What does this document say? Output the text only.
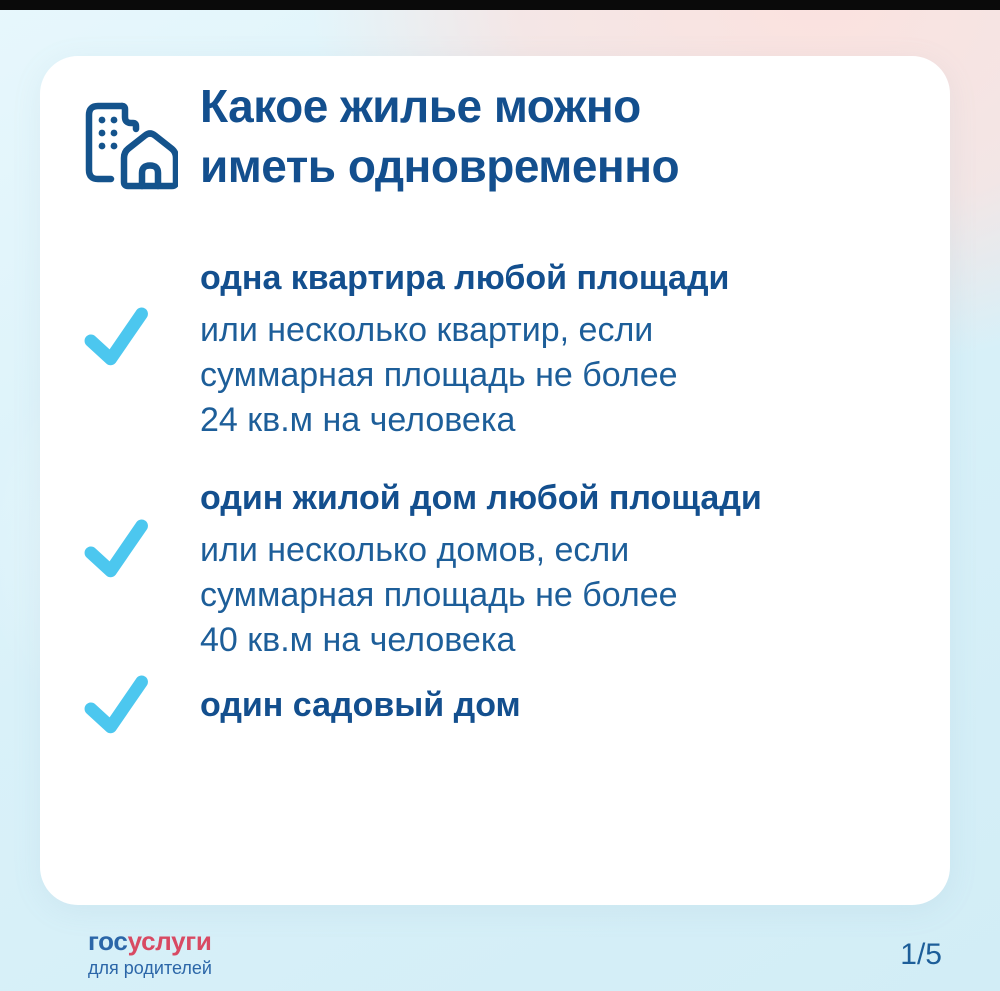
Какое жилье можно
иметь одновременно
одна квартира любой площади
или несколько квартир, если
суммарная площадь не более
24 кв.м на человека
один жилой дом любой площади
или несколько домов, если
суммарная площадь не более
40 кв.м на человека
один садовый дом
госуслуги
для родителей	1/5
